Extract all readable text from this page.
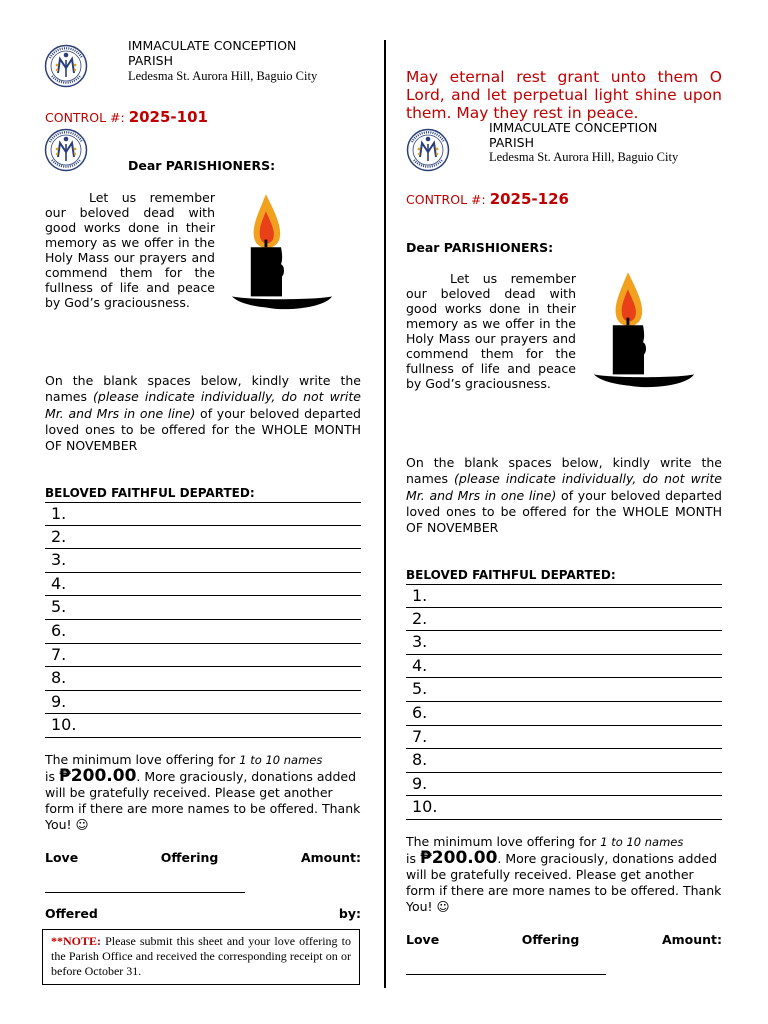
IMMACULATE CONCEPTION PARISH
Ledesma St. Aurora Hill, Baguio City
CONTROL #: 2025-101
Dear PARISHIONERS:
Let us remember our beloved dead with good works done in their memory as we offer in the Holy Mass our prayers and commend them for the fullness of life and peace by God’s graciousness.
On the blank spaces below, kindly write the names (please indicate individually, do not write Mr. and Mrs in one line) of your beloved departed loved ones to be offered for the WHOLE MONTH OF NOVEMBER
BELOVED FAITHFUL DEPARTED:
1.
2.
3.
4.
5.
6.
7.
8.
9.
10.
The minimum love offering for 1 to 10 names
is ₱200.00. More graciously, donations added will be gratefully received. Please get another form if there are more names to be offered. Thank You! ☺
Love	Offering	Amount:
Offered	by:
**NOTE: Please submit this sheet and your love offering to the Parish Office and received the corresponding receipt on or before October 31.
May eternal rest grant unto them O Lord, and let perpetual light shine upon them. May they rest in peace.
IMMACULATE CONCEPTION PARISH
Ledesma St. Aurora Hill, Baguio City
CONTROL #: 2025-126
Dear PARISHIONERS:
Let us remember our beloved dead with good works done in their memory as we offer in the Holy Mass our prayers and commend them for the fullness of life and peace by God’s graciousness.
On the blank spaces below, kindly write the names (please indicate individually, do not write Mr. and Mrs in one line) of your beloved departed loved ones to be offered for the WHOLE MONTH OF NOVEMBER
BELOVED FAITHFUL DEPARTED:
1.
2.
3.
4.
5.
6.
7.
8.
9.
10.
The minimum love offering for 1 to 10 names
is ₱200.00. More graciously, donations added will be gratefully received. Please get another form if there are more names to be offered. Thank You! ☺
Love	Offering	Amount:
